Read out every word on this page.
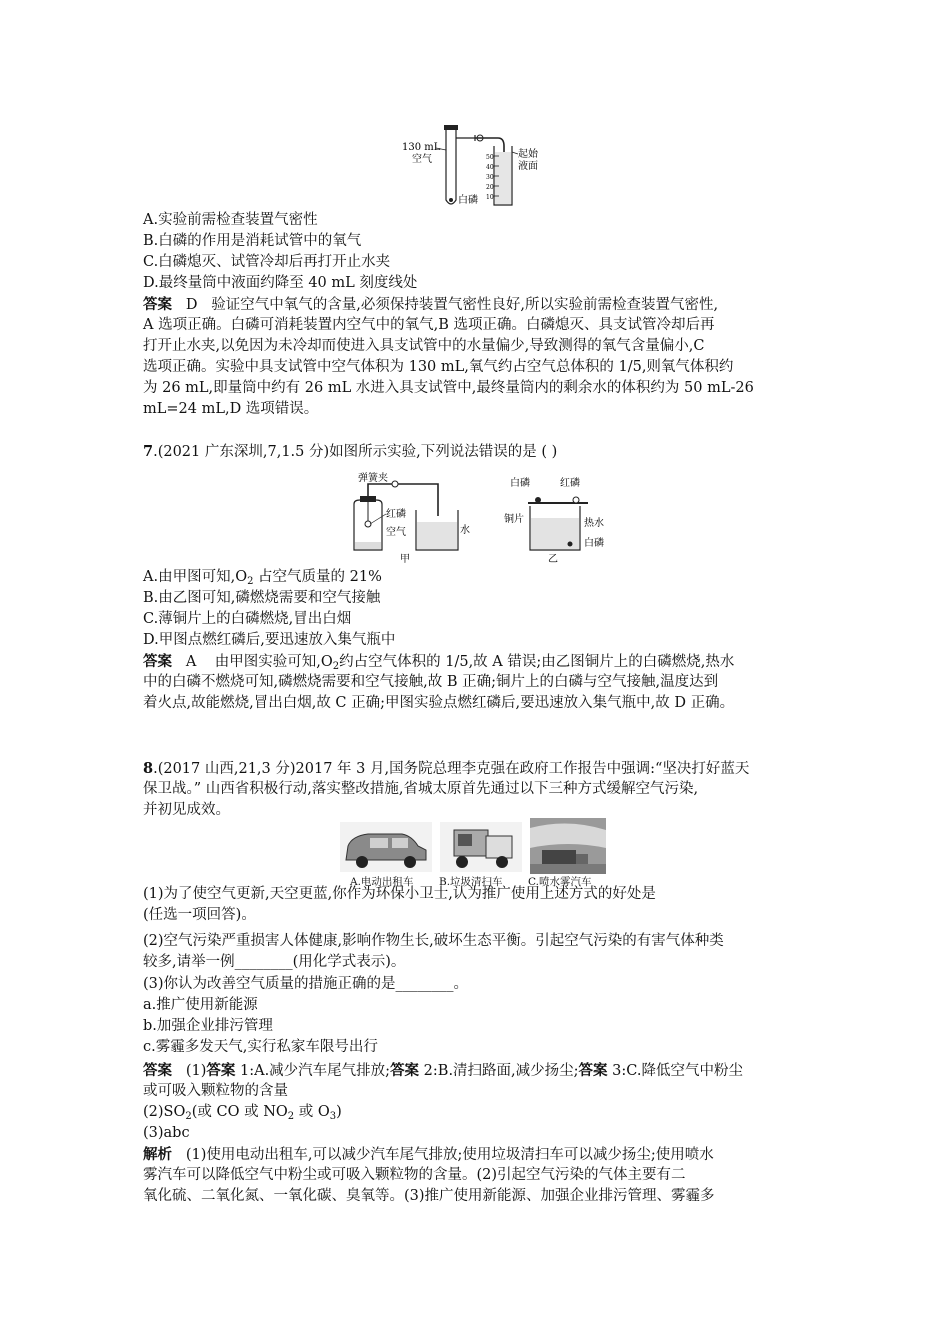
50
40
30
20
10
130 mL
空气	起始
液面
白磷
A.实验前需检查装置气密性
B.白磷的作用是消耗试管中的氧气
C.白磷熄灭、试管冷却后再打开止水夹
D.最终量筒中液面约降至 40 mL 刻度线处
答案 D 验证空气中氧气的含量,必须保持装置气密性良好,所以实验前需检查装置气密性,
A 选项正确。白磷可消耗装置内空气中的氧气,B 选项正确。白磷熄灭、具支试管冷却后再
打开止水夹,以免因为未冷却而使进入具支试管中的水量偏少,导致测得的氧气含量偏小,C
选项正确。实验中具支试管中空气体积为 130 mL,氧气约占空气总体积的 1/5,则氧气体积约
为 26 mL,即量筒中约有 26 mL 水进入具支试管中,最终量筒内的剩余水的体积约为 50 mL-26
mL=24 mL,D 选项错误。
7.(2021 广东深圳,7,1.5 分)如图所示实验,下列说法错误的是 ( )
A.由甲图可知$,O_2$ 占空气质量的 21%
B.由乙图可知,磷燃烧需要和空气接触
C.薄铜片上的白磷燃烧,冒出白烟
D.甲图点燃红磷后,要迅速放入集气瓶中
答案 A 由甲图实验可知$,O_2$约占空气体积的 1/5,故 A 错误;由乙图铜片上的白磷燃烧,热水
中的白磷不燃烧可知,磷燃烧需要和空气接触,故 B 正确;铜片上的白磷与空气接触,温度达到
着火点,故能燃烧,冒出白烟,故 C 正确;甲图实验点燃红磷后,要迅速放入集气瓶中,故 D 正确。
8.(2017 山西,21,3 分)2017 年 3 月,国务院总理李克强在政府工作报告中强调:“坚决打好蓝天
保卫战。” 山西省积极行动,落实整改措施,省城太原首先通过以下三种方式缓解空气污染,
并初见成效。
(1)为了使空气更新,天空更蓝,你作为环保小卫士,认为推广使用上述方式的好处是
(任选一项回答)。
(2)空气污染严重损害人体健康,影响作物生长,破坏生态平衡。引起空气污染的有害气体种类
较多,请举一例________(用化学式表示)。
(3)你认为改善空气质量的措施正确的是________。
a.推广使用新能源
b.加强企业排污管理
c.雾霾多发天气,实行私家车限号出行
答案 (1)答案 1:A.减少汽车尾气排放;答案 2:B.清扫路面,减少扬尘;答案 3:C.降低空气中粉尘
或可吸入颗粒物的含量
$(2)SO_2$(或 CO 或 $NO_2$ 或 $O_3$)
(3)abc
解析 (1)使用电动出租车,可以减少汽车尾气排放;使用垃圾清扫车可以减少扬尘;使用喷水
雾汽车可以降低空气中粉尘或可吸入颗粒物的含量。(2)引起空气污染的气体主要有二
氧化硫、二氧化氮、一氧化碳、臭氧等。(3)推广使用新能源、加强企业排污管理、雾霾多
弹簧夹
红磷
空气	水
甲
白磷	红磷
铜片	热水
白磷
乙
A.电动出租车 B.垃圾清扫车 C.喷水雾汽车
